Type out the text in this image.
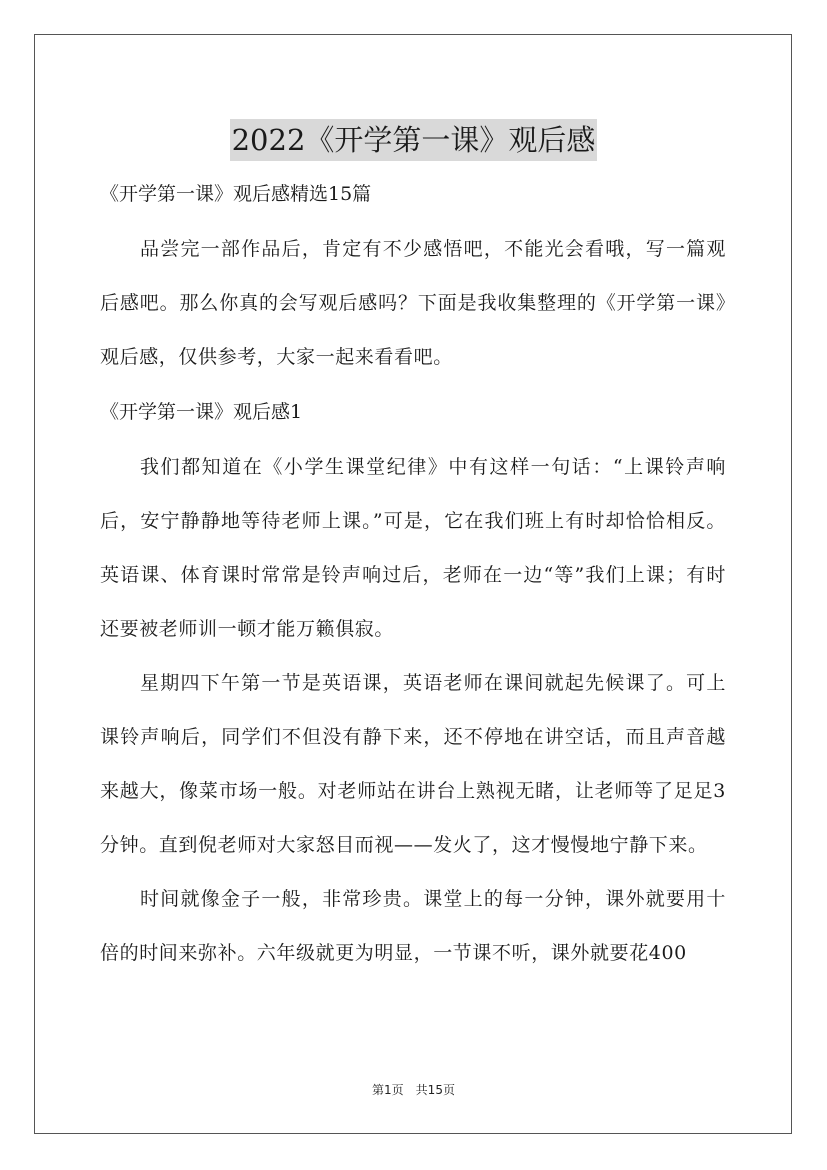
2022《开学第一课》观后感

《开学第一课》观后感精选15篇

品尝完一部作品后，肯定有不少感悟吧，不能光会看哦，写一篇观后感吧。那么你真的会写观后感吗？下面是我收集整理的《开学第一课》观后感，仅供参考，大家一起来看看吧。

《开学第一课》观后感1

我们都知道在《小学生课堂纪律》中有这样一句话：“上课铃声响后，安宁静静地等待老师上课。”可是，它在我们班上有时却恰恰相反。英语课、体育课时常常是铃声响过后，老师在一边“等”我们上课；有时还要被老师训一顿才能万籁俱寂。

星期四下午第一节是英语课，英语老师在课间就起先候课了。可上课铃声响后，同学们不但没有静下来，还不停地在讲空话，而且声音越来越大，像菜市场一般。对老师站在讲台上熟视无睹，让老师等了足足3分钟。直到倪老师对大家怒目而视——发火了，这才慢慢地宁静下来。

时间就像金子一般，非常珍贵。课堂上的每一分钟，课外就要用十倍的时间来弥补。六年级就更为明显，一节课不听，课外就要花400

第1页　共15页
